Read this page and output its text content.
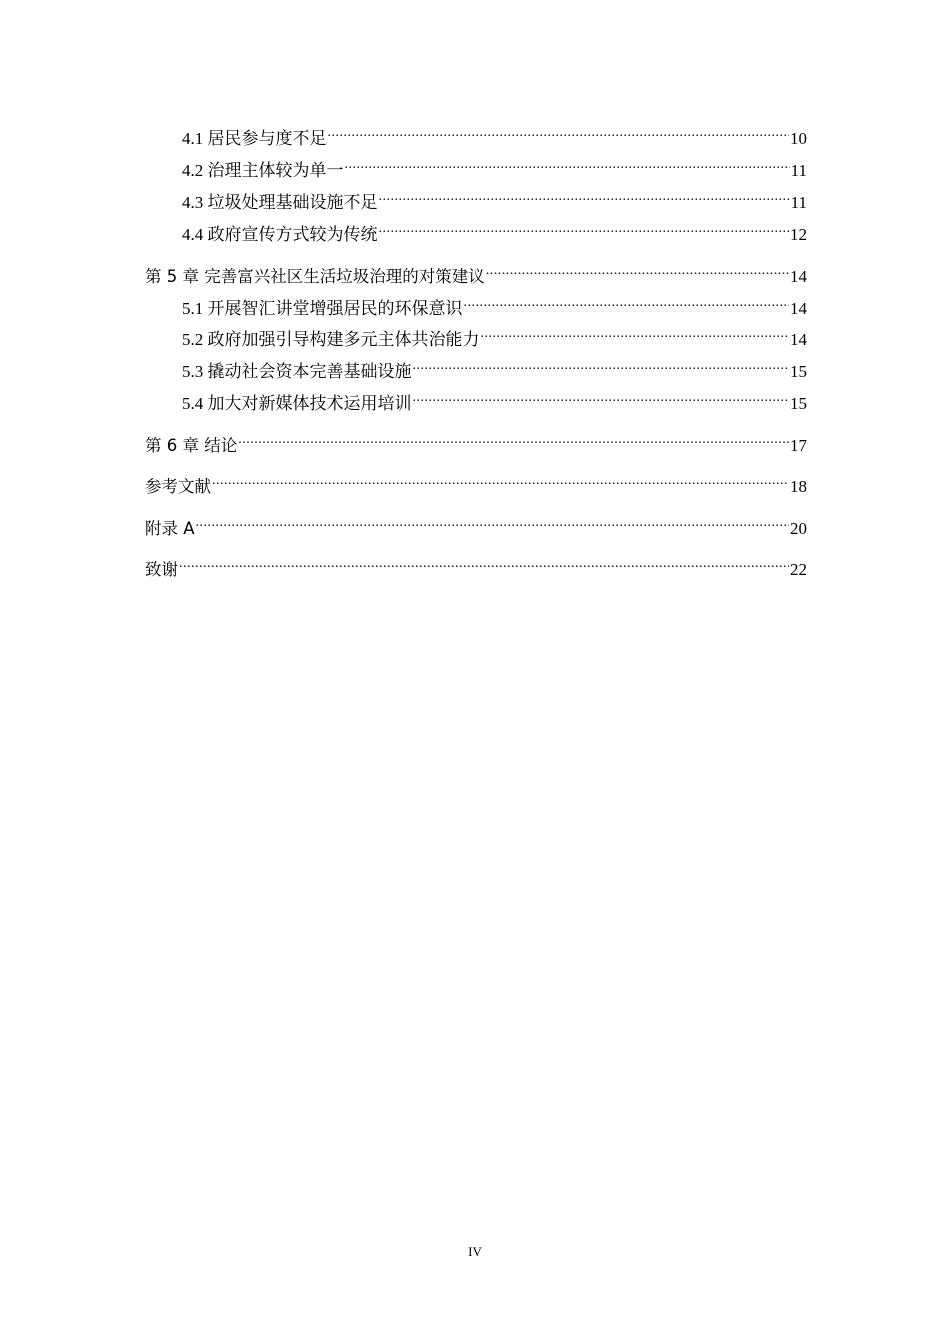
4.1 居民参与度不足 .....	10
4.2 治理主体较为单一 .....	11
4.3 垃圾处理基础设施不足 .....	11
4.4 政府宣传方式较为传统 .....	12
第 5 章 完善富兴社区生活垃圾治理的对策建议 .....	14
5.1 开展智汇讲堂增强居民的环保意识 .....	14
5.2 政府加强引导构建多元主体共治能力 .....	14
5.3 撬动社会资本完善基础设施 .....	15
5.4 加大对新媒体技术运用培训 .....	15
第 6 章 结论 .....	17
参考文献 .....	18
附录 A .....	20
致谢 .....	22
IV
